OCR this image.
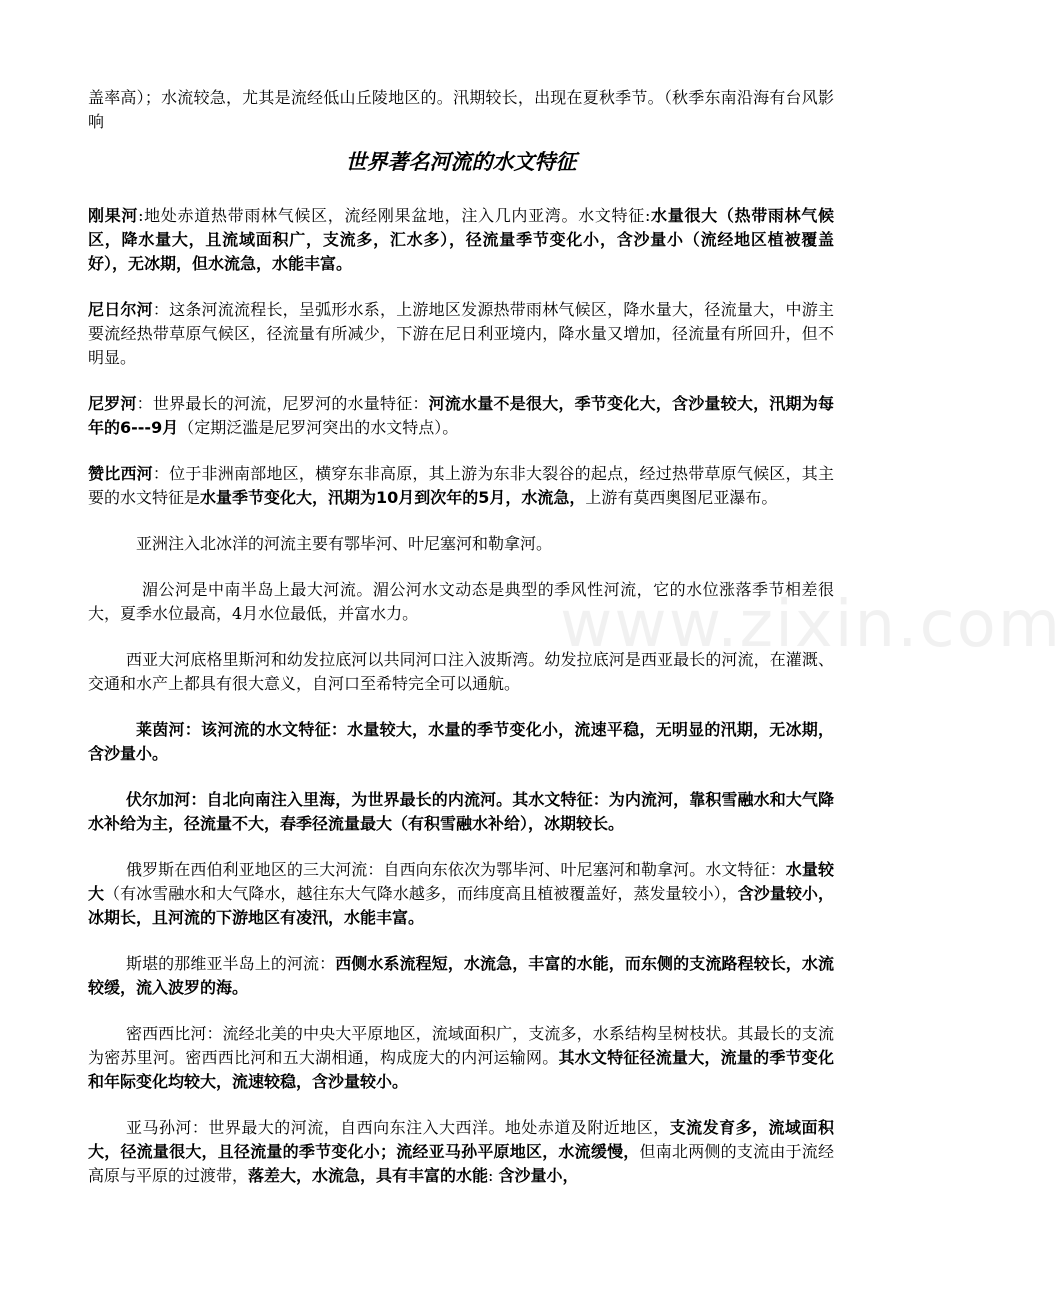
www.zixin.com

盖率高）；水流较急，尤其是流经低山丘陵地区的。汛期较长，出现在夏秋季节。（秋季东南沿海有台风影响

世界著名河流的水文特征

刚果河:地处赤道热带雨林气候区，流经刚果盆地，注入几内亚湾。水文特征:水量很大（热带雨林气候区，降水量大，且流域面积广，支流多，汇水多），径流量季节变化小，含沙量小（流经地区植被覆盖好），无冰期，但水流急，水能丰富。

尼日尔河：这条河流流程长，呈弧形水系，上游地区发源热带雨林气候区，降水量大，径流量大，中游主要流经热带草原气候区，径流量有所减少，下游在尼日利亚境内，降水量又增加，径流量有所回升，但不明显。

尼罗河：世界最长的河流，尼罗河的水量特征：河流水量不是很大，季节变化大，含沙量较大，汛期为每年的6---9月（定期泛滥是尼罗河突出的水文特点）。

赞比西河：位于非洲南部地区，横穿东非高原，其上游为东非大裂谷的起点，经过热带草原气候区，其主要的水文特征是水量季节变化大，汛期为10月到次年的5月，水流急，上游有莫西奥图尼亚瀑布。

亚洲注入北冰洋的河流主要有鄂毕河、叶尼塞河和勒拿河。

湄公河是中南半岛上最大河流。湄公河水文动态是典型的季风性河流，它的水位涨落季节相差很大，夏季水位最高，4月水位最低，并富水力。

西亚大河底格里斯河和幼发拉底河以共同河口注入波斯湾。幼发拉底河是西亚最长的河流，在灌溉、交通和水产上都具有很大意义，自河口至希特完全可以通航。

莱茵河：该河流的水文特征：水量较大，水量的季节变化小，流速平稳，无明显的汛期，无冰期，含沙量小。

伏尔加河：自北向南注入里海，为世界最长的内流河。其水文特征：为内流河，靠积雪融水和大气降水补给为主，径流量不大，春季径流量最大（有积雪融水补给），冰期较长。

俄罗斯在西伯利亚地区的三大河流：自西向东依次为鄂毕河、叶尼塞河和勒拿河。水文特征：水量较大（有冰雪融水和大气降水，越往东大气降水越多，而纬度高且植被覆盖好，蒸发量较小），含沙量较小，冰期长，且河流的下游地区有凌汛，水能丰富。

斯堪的那维亚半岛上的河流：西侧水系流程短，水流急，丰富的水能，而东侧的支流路程较长，水流较缓，流入波罗的海。

密西西比河：流经北美的中央大平原地区，流域面积广，支流多，水系结构呈树枝状。其最长的支流为密苏里河。密西西比河和五大湖相通，构成庞大的内河运输网。其水文特征径流量大，流量的季节变化和年际变化均较大，流速较稳，含沙量较小。

亚马孙河：世界最大的河流，自西向东注入大西洋。地处赤道及附近地区，支流发育多，流域面积大，径流量很大，且径流量的季节变化小；流经亚马孙平原地区，水流缓慢，但南北两侧的支流由于流经高原与平原的过渡带，落差大，水流急，具有丰富的水能: 含沙量小，
